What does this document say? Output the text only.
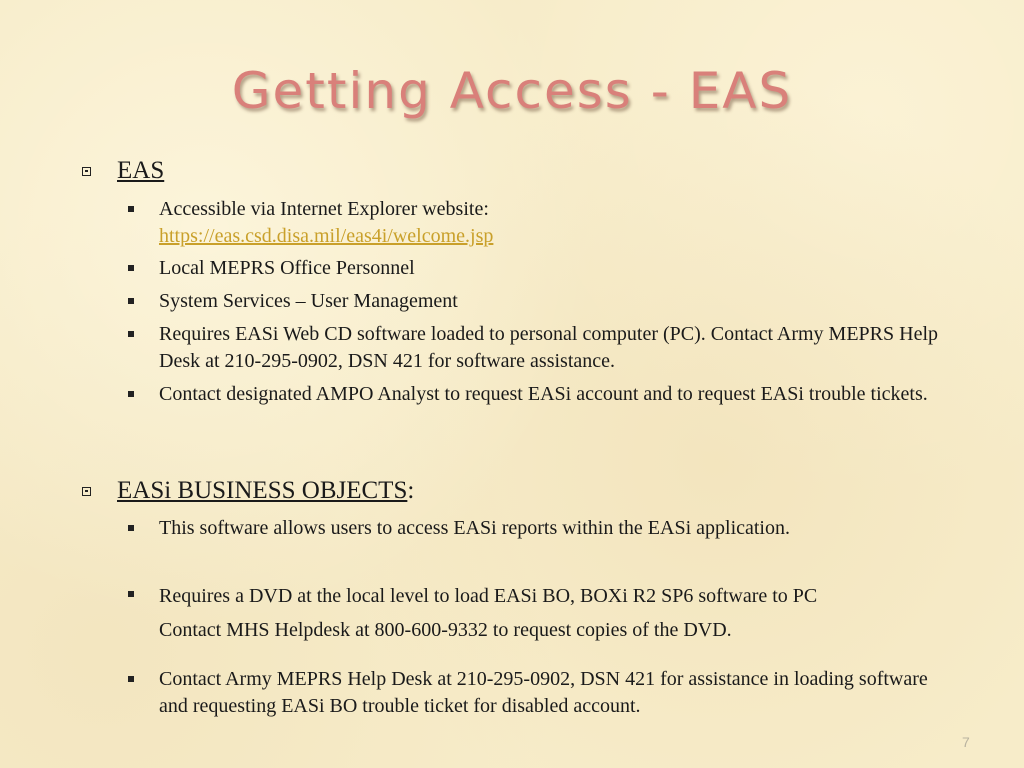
Getting Access - EAS
EAS
Accessible via Internet Explorer website:
https://eas.csd.disa.mil/eas4i/welcome.jsp
Local MEPRS Office Personnel
System Services – User Management
Requires EASi Web CD software loaded to personal computer (PC). Contact Army MEPRS Help Desk at 210-295-0902, DSN 421 for software assistance.
Contact designated AMPO Analyst to request EASi account and to request EASi trouble tickets.
EASi BUSINESS OBJECTS :
This software allows users to access EASi reports within the EASi application.
Requires a DVD at the local level to load EASi BO, BOXi R2 SP6 software to PC
Contact MHS Helpdesk at 800-600-9332 to request copies of the DVD.
Contact Army MEPRS Help Desk at 210-295-0902, DSN 421 for assistance in loading software and requesting EASi BO trouble ticket for disabled account.
7
